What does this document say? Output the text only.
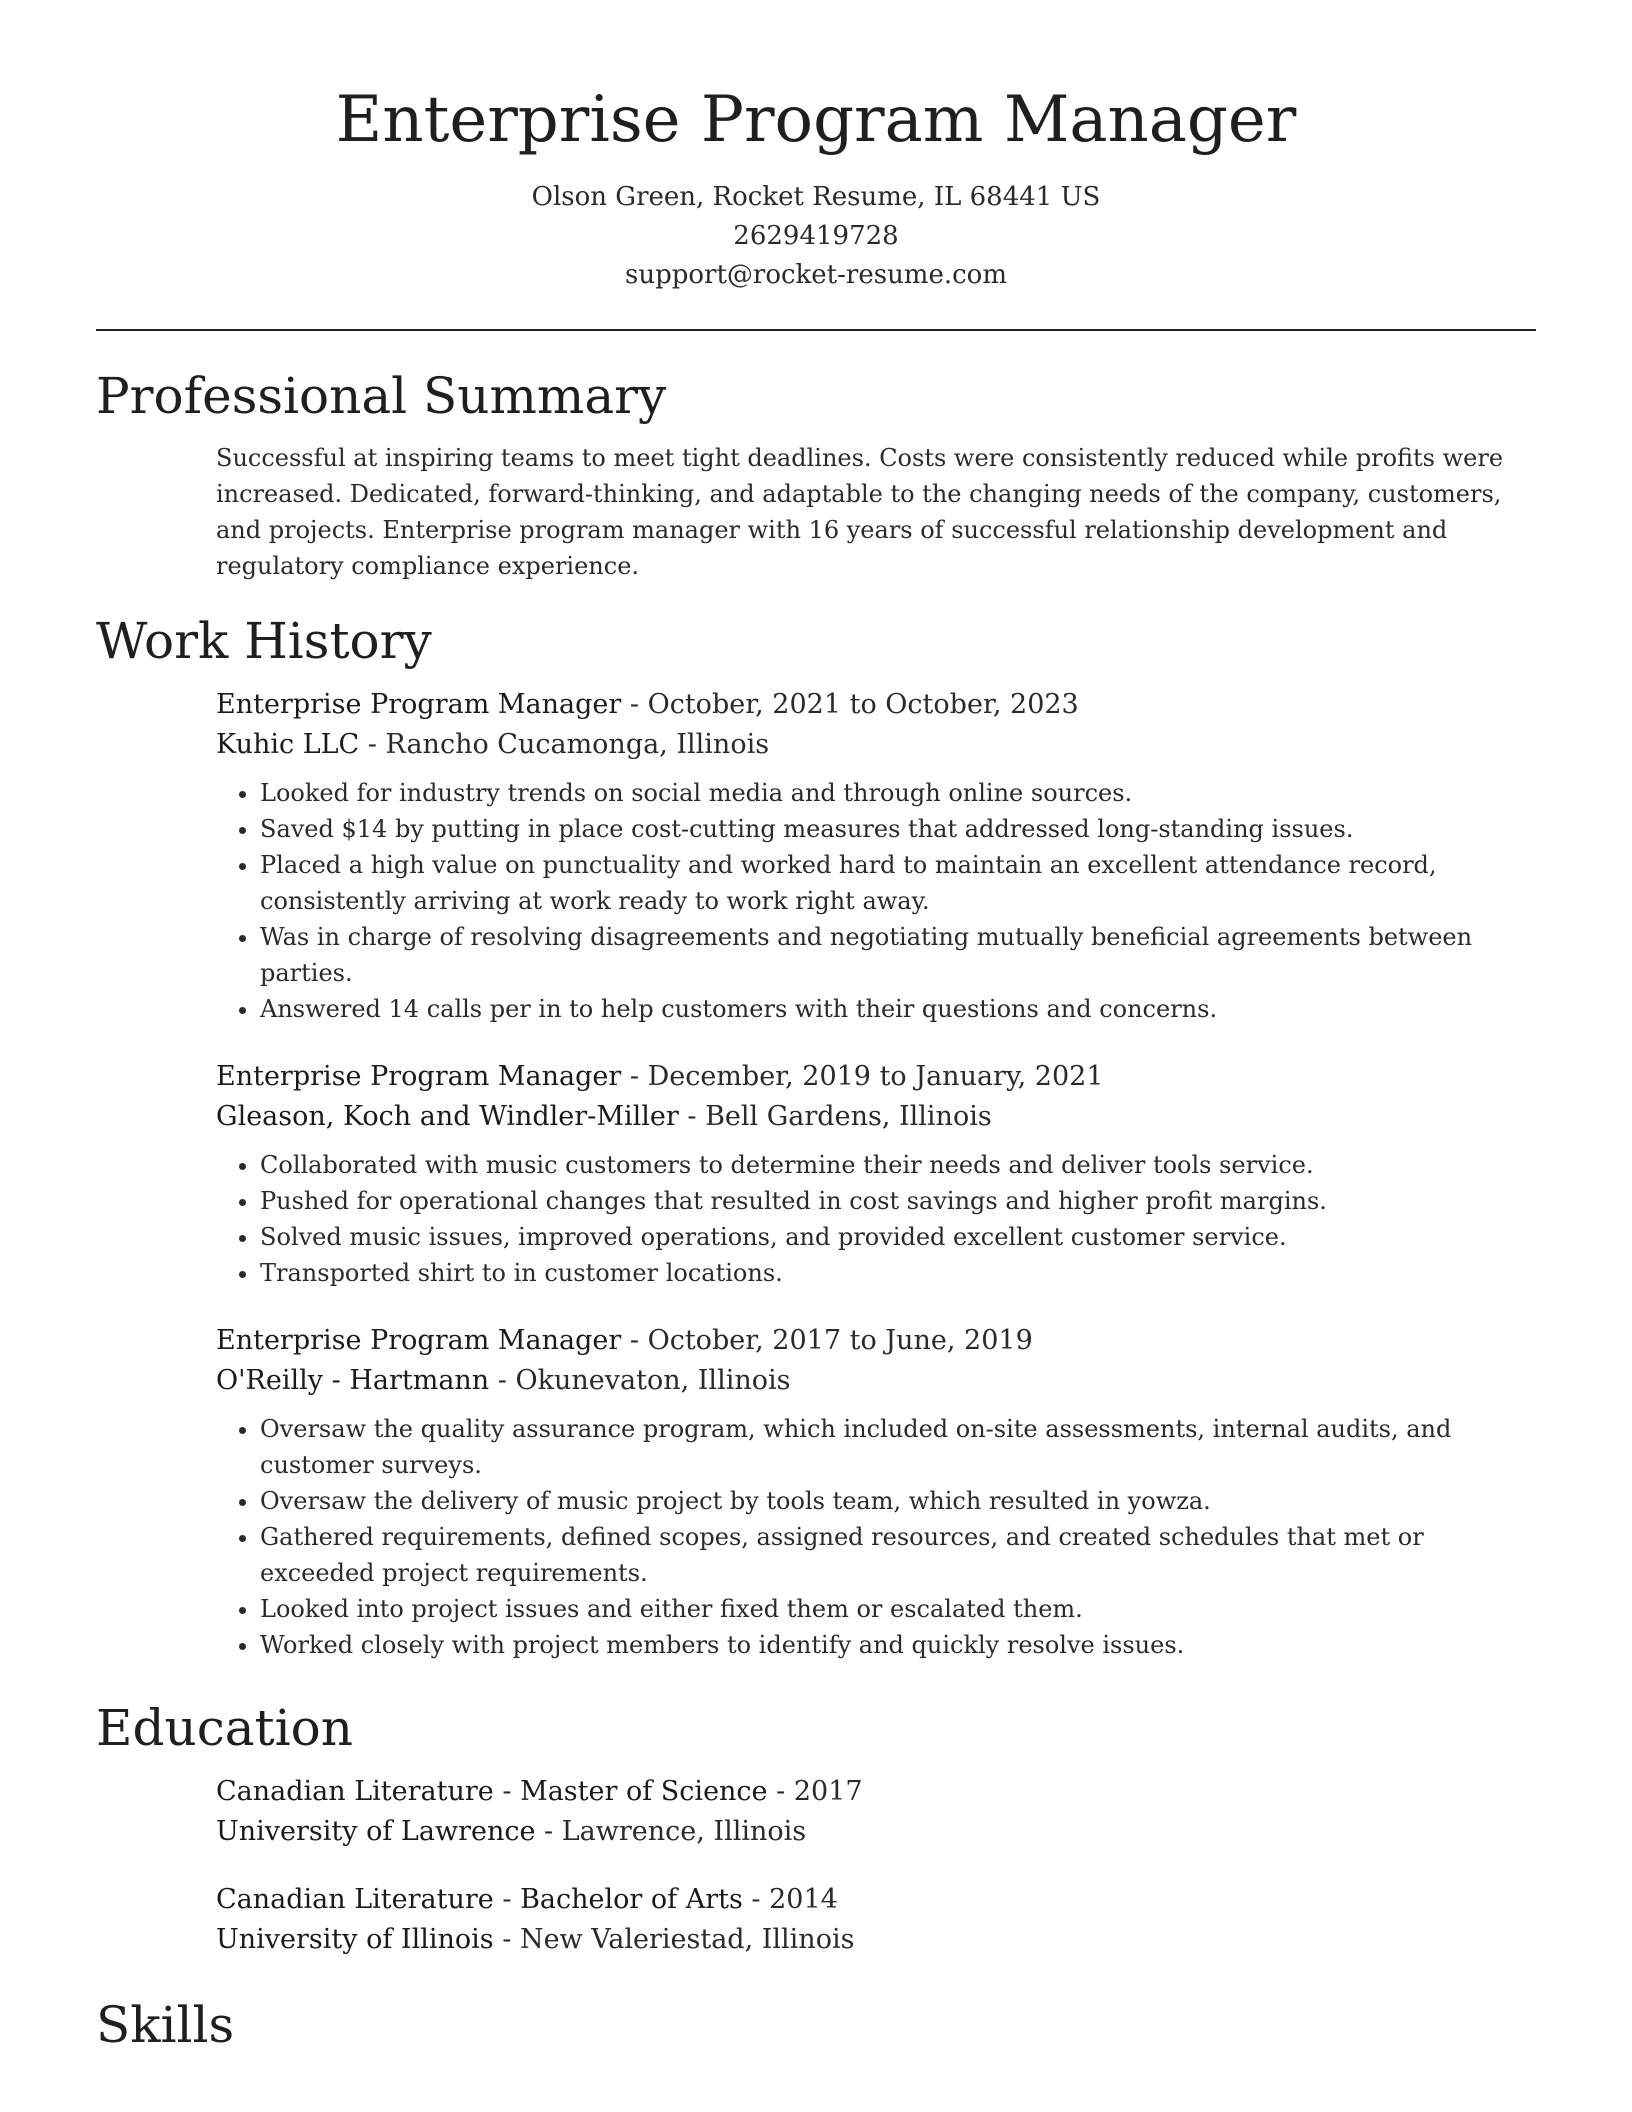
Enterprise Program Manager
Olson Green, Rocket Resume, IL 68441 US
2629419728
support@rocket-resume.com
Professional Summary

Successful at inspiring teams to meet tight deadlines. Costs were consistently reduced while profits were increased. Dedicated, forward-thinking, and adaptable to the changing needs of the company, customers, and projects. Enterprise program manager with 16 years of successful relationship development and regulatory compliance experience.

Work History
Enterprise Program Manager - October, 2021 to October, 2023
Kuhic LLC - Rancho Cucamonga, Illinois
• Looked for industry trends on social media and through online sources.
• Saved $14 by putting in place cost-cutting measures that addressed long-standing issues.
• Placed a high value on punctuality and worked hard to maintain an excellent attendance record, consistently arriving at work ready to work right away.
• Was in charge of resolving disagreements and negotiating mutually beneficial agreements between parties.
• Answered 14 calls per in to help customers with their questions and concerns.
Enterprise Program Manager - December, 2019 to January, 2021
Gleason, Koch and Windler-Miller - Bell Gardens, Illinois
• Collaborated with music customers to determine their needs and deliver tools service.
• Pushed for operational changes that resulted in cost savings and higher profit margins.
• Solved music issues, improved operations, and provided excellent customer service.
• Transported shirt to in customer locations.
Enterprise Program Manager - October, 2017 to June, 2019
O'Reilly - Hartmann - Okunevaton, Illinois
• Oversaw the quality assurance program, which included on-site assessments, internal audits, and customer surveys.
• Oversaw the delivery of music project by tools team, which resulted in yowza.
• Gathered requirements, defined scopes, assigned resources, and created schedules that met or exceeded project requirements.
• Looked into project issues and either fixed them or escalated them.
• Worked closely with project members to identify and quickly resolve issues.
Education
Canadian Literature - Master of Science - 2017
University of Lawrence - Lawrence, Illinois
Canadian Literature - Bachelor of Arts - 2014
University of Illinois - New Valeriestad, Illinois
Skills
